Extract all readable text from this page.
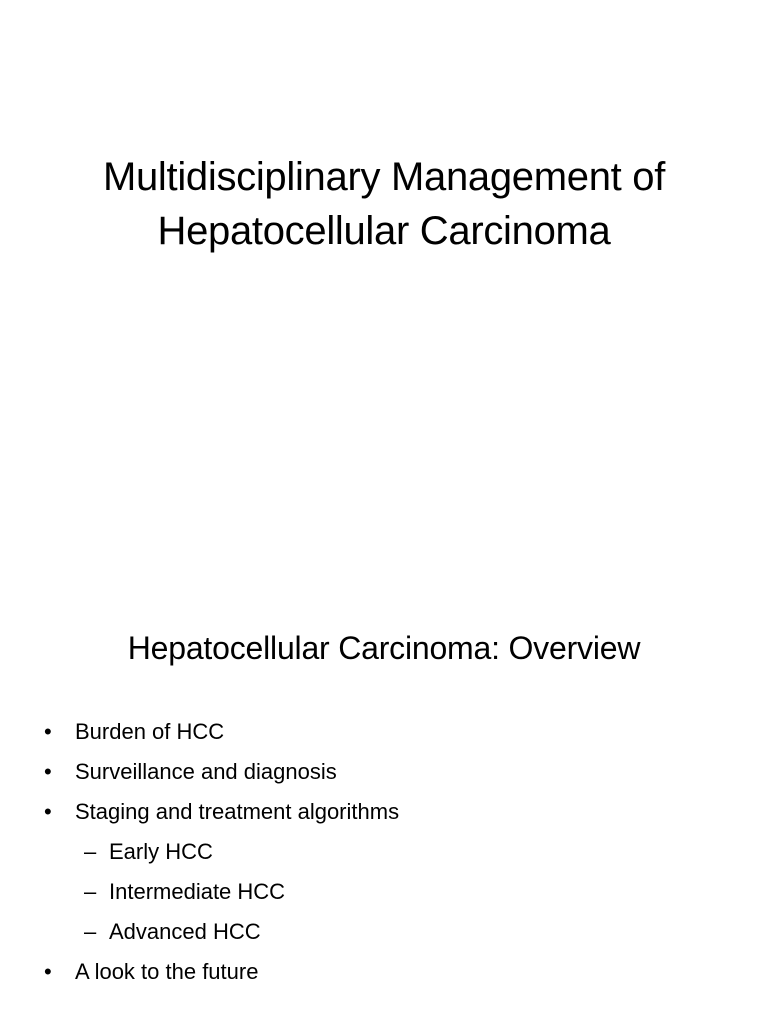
Multidisciplinary Management of
Hepatocellular Carcinoma
Hepatocellular Carcinoma: Overview
• Burden of HCC
• Surveillance and diagnosis
• Staging and treatment algorithms
– Early HCC
– Intermediate HCC
– Advanced HCC
• A look to the future
